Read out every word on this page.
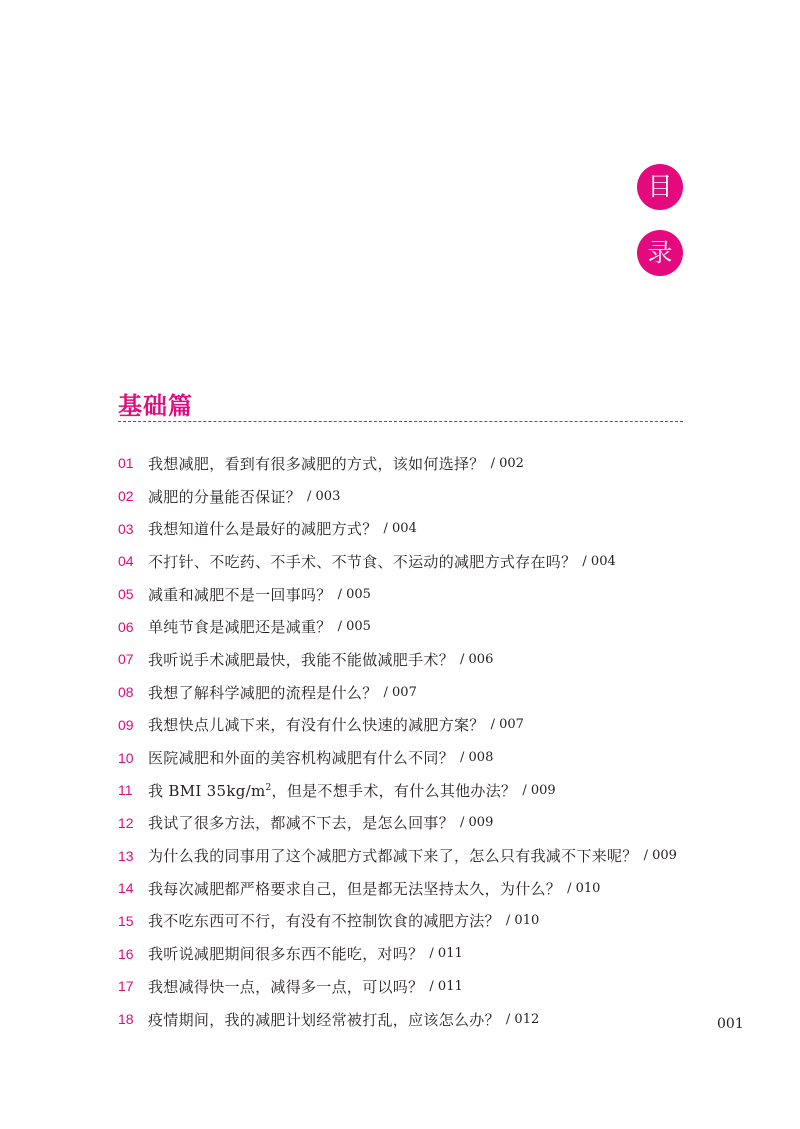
目
录
基础篇
01 我想减肥，看到有很多减肥的方式，该如何选择？ / 002
02 减肥的分量能否保证？ / 003
03 我想知道什么是最好的减肥方式？ / 004
04 不打针、不吃药、不手术、不节食、不运动的减肥方式存在吗？ / 004
05 减重和减肥不是一回事吗？ / 005
06 单纯节食是减肥还是减重？ / 005
07 我听说手术减肥最快，我能不能做减肥手术？ / 006
08 我想了解科学减肥的流程是什么？ / 007
09 我想快点儿减下来，有没有什么快速的减肥方案？ / 007
10 医院减肥和外面的美容机构减肥有什么不同？ / 008
11	我 BMI $35kg/m^2$，但是不想手术，有什么其他办法？ / 009
12 我试了很多方法，都减不下去，是怎么回事？ / 009
13 为什么我的同事用了这个减肥方式都减下来了，怎么只有我减不下来呢？ / 009
14 我每次减肥都严格要求自己，但是都无法坚持太久，为什么？ / 010
15 我不吃东西可不行，有没有不控制饮食的减肥方法？ / 010
16 我听说减肥期间很多东西不能吃，对吗？ / 011
17 我想减得快一点，减得多一点，可以吗？ / 011
18 疫情期间，我的减肥计划经常被打乱，应该怎么办？ / 012	001
